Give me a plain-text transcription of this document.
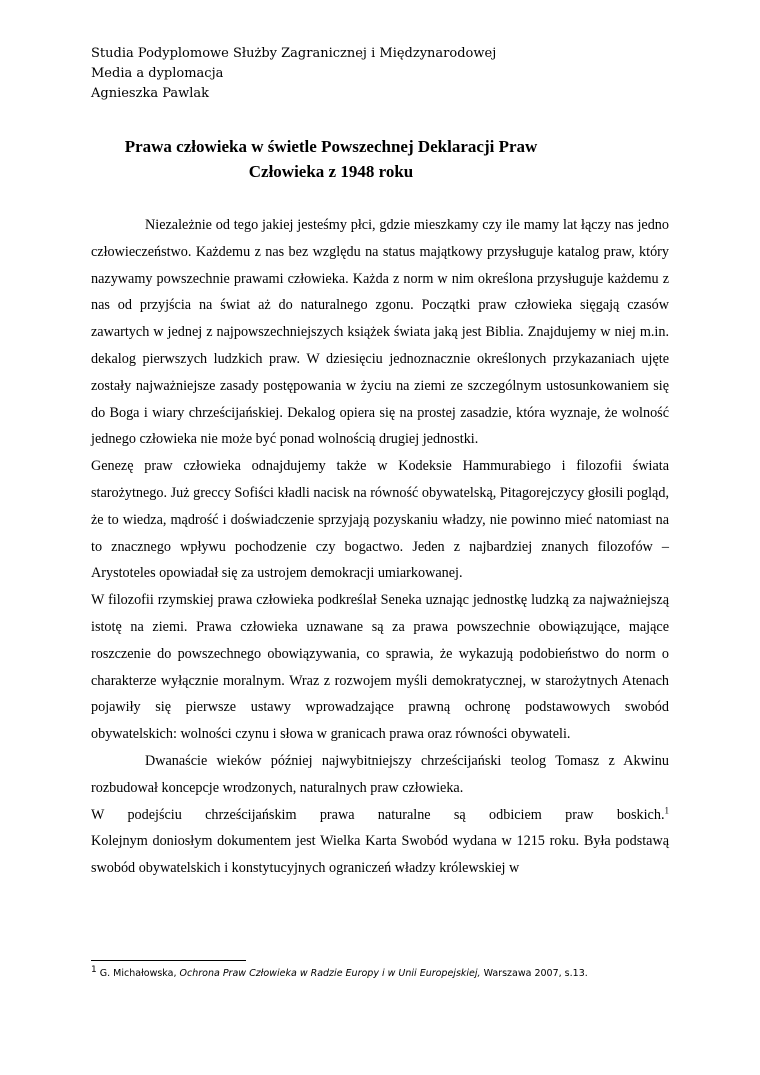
Studia Podyplomowe Służby Zagranicznej i Międzynarodowej
Media a dyplomacja
Agnieszka Pawlak
Prawa człowieka w świetle Powszechnej Deklaracji Praw
Człowieka z 1948 roku

Niezależnie od tego jakiej jesteśmy płci, gdzie mieszkamy czy ile mamy lat łączy nas jedno człowieczeństwo. Każdemu z nas bez względu na status majątkowy przysługuje katalog praw, który nazywamy powszechnie prawami człowieka. Każda z norm w nim określona przysługuje każdemu z nas od przyjścia na świat aż do naturalnego zgonu. Początki praw człowieka sięgają czasów zawartych w jednej z najpowszechniejszych książek świata jaką jest Biblia. Znajdujemy w niej m.in. dekalog pierwszych ludzkich praw. W dziesięciu jednoznacznie określonych przykazaniach ujęte zostały najważniejsze zasady postępowania w życiu na ziemi ze szczególnym ustosunkowaniem się do Boga i wiary chrześcijańskiej. Dekalog opiera się na prostej zasadzie, która wyznaje, że wolność jednego człowieka nie może być ponad wolnością drugiej jednostki.

Genezę praw człowieka odnajdujemy także w Kodeksie Hammurabiego i filozofii świata starożytnego. Już greccy Sofiści kładli nacisk na równość obywatelską, Pitagorejczycy głosili pogląd, że to wiedza, mądrość i doświadczenie sprzyjają pozyskaniu władzy, nie powinno mieć natomiast na to znacznego wpływu pochodzenie czy bogactwo. Jeden z najbardziej znanych filozofów – Arystoteles opowiadał się za ustrojem demokracji umiarkowanej.

W filozofii rzymskiej prawa człowieka podkreślał Seneka uznając jednostkę ludzką za najważniejszą istotę na ziemi. Prawa człowieka uznawane są za prawa powszechnie obowiązujące, mające roszczenie do powszechnego obowiązywania, co sprawia, że wykazują podobieństwo do norm o charakterze wyłącznie moralnym. Wraz z rozwojem myśli demokratycznej, w starożytnych Atenach pojawiły się pierwsze ustawy wprowadzające prawną ochronę podstawowych swobód obywatelskich: wolności czynu i słowa w granicach prawa oraz równości obywateli.

Dwanaście wieków później najwybitniejszy chrześcijański teolog Tomasz z Akwinu rozbudował koncepcje wrodzonych, naturalnych praw człowieka.

W podejściu chrześcijańskim prawa naturalne są odbiciem praw boskich.$^1$

Kolejnym doniosłym dokumentem jest Wielka Karta Swobód wydana w 1215 roku. Była podstawą swobód obywatelskich i konstytucyjnych ograniczeń władzy królewskiej w

$^1$ G. Michałowska, Ochrona Praw Człowieka w Radzie Europy i w Unii Europejskiej, Warszawa 2007, s.13.
